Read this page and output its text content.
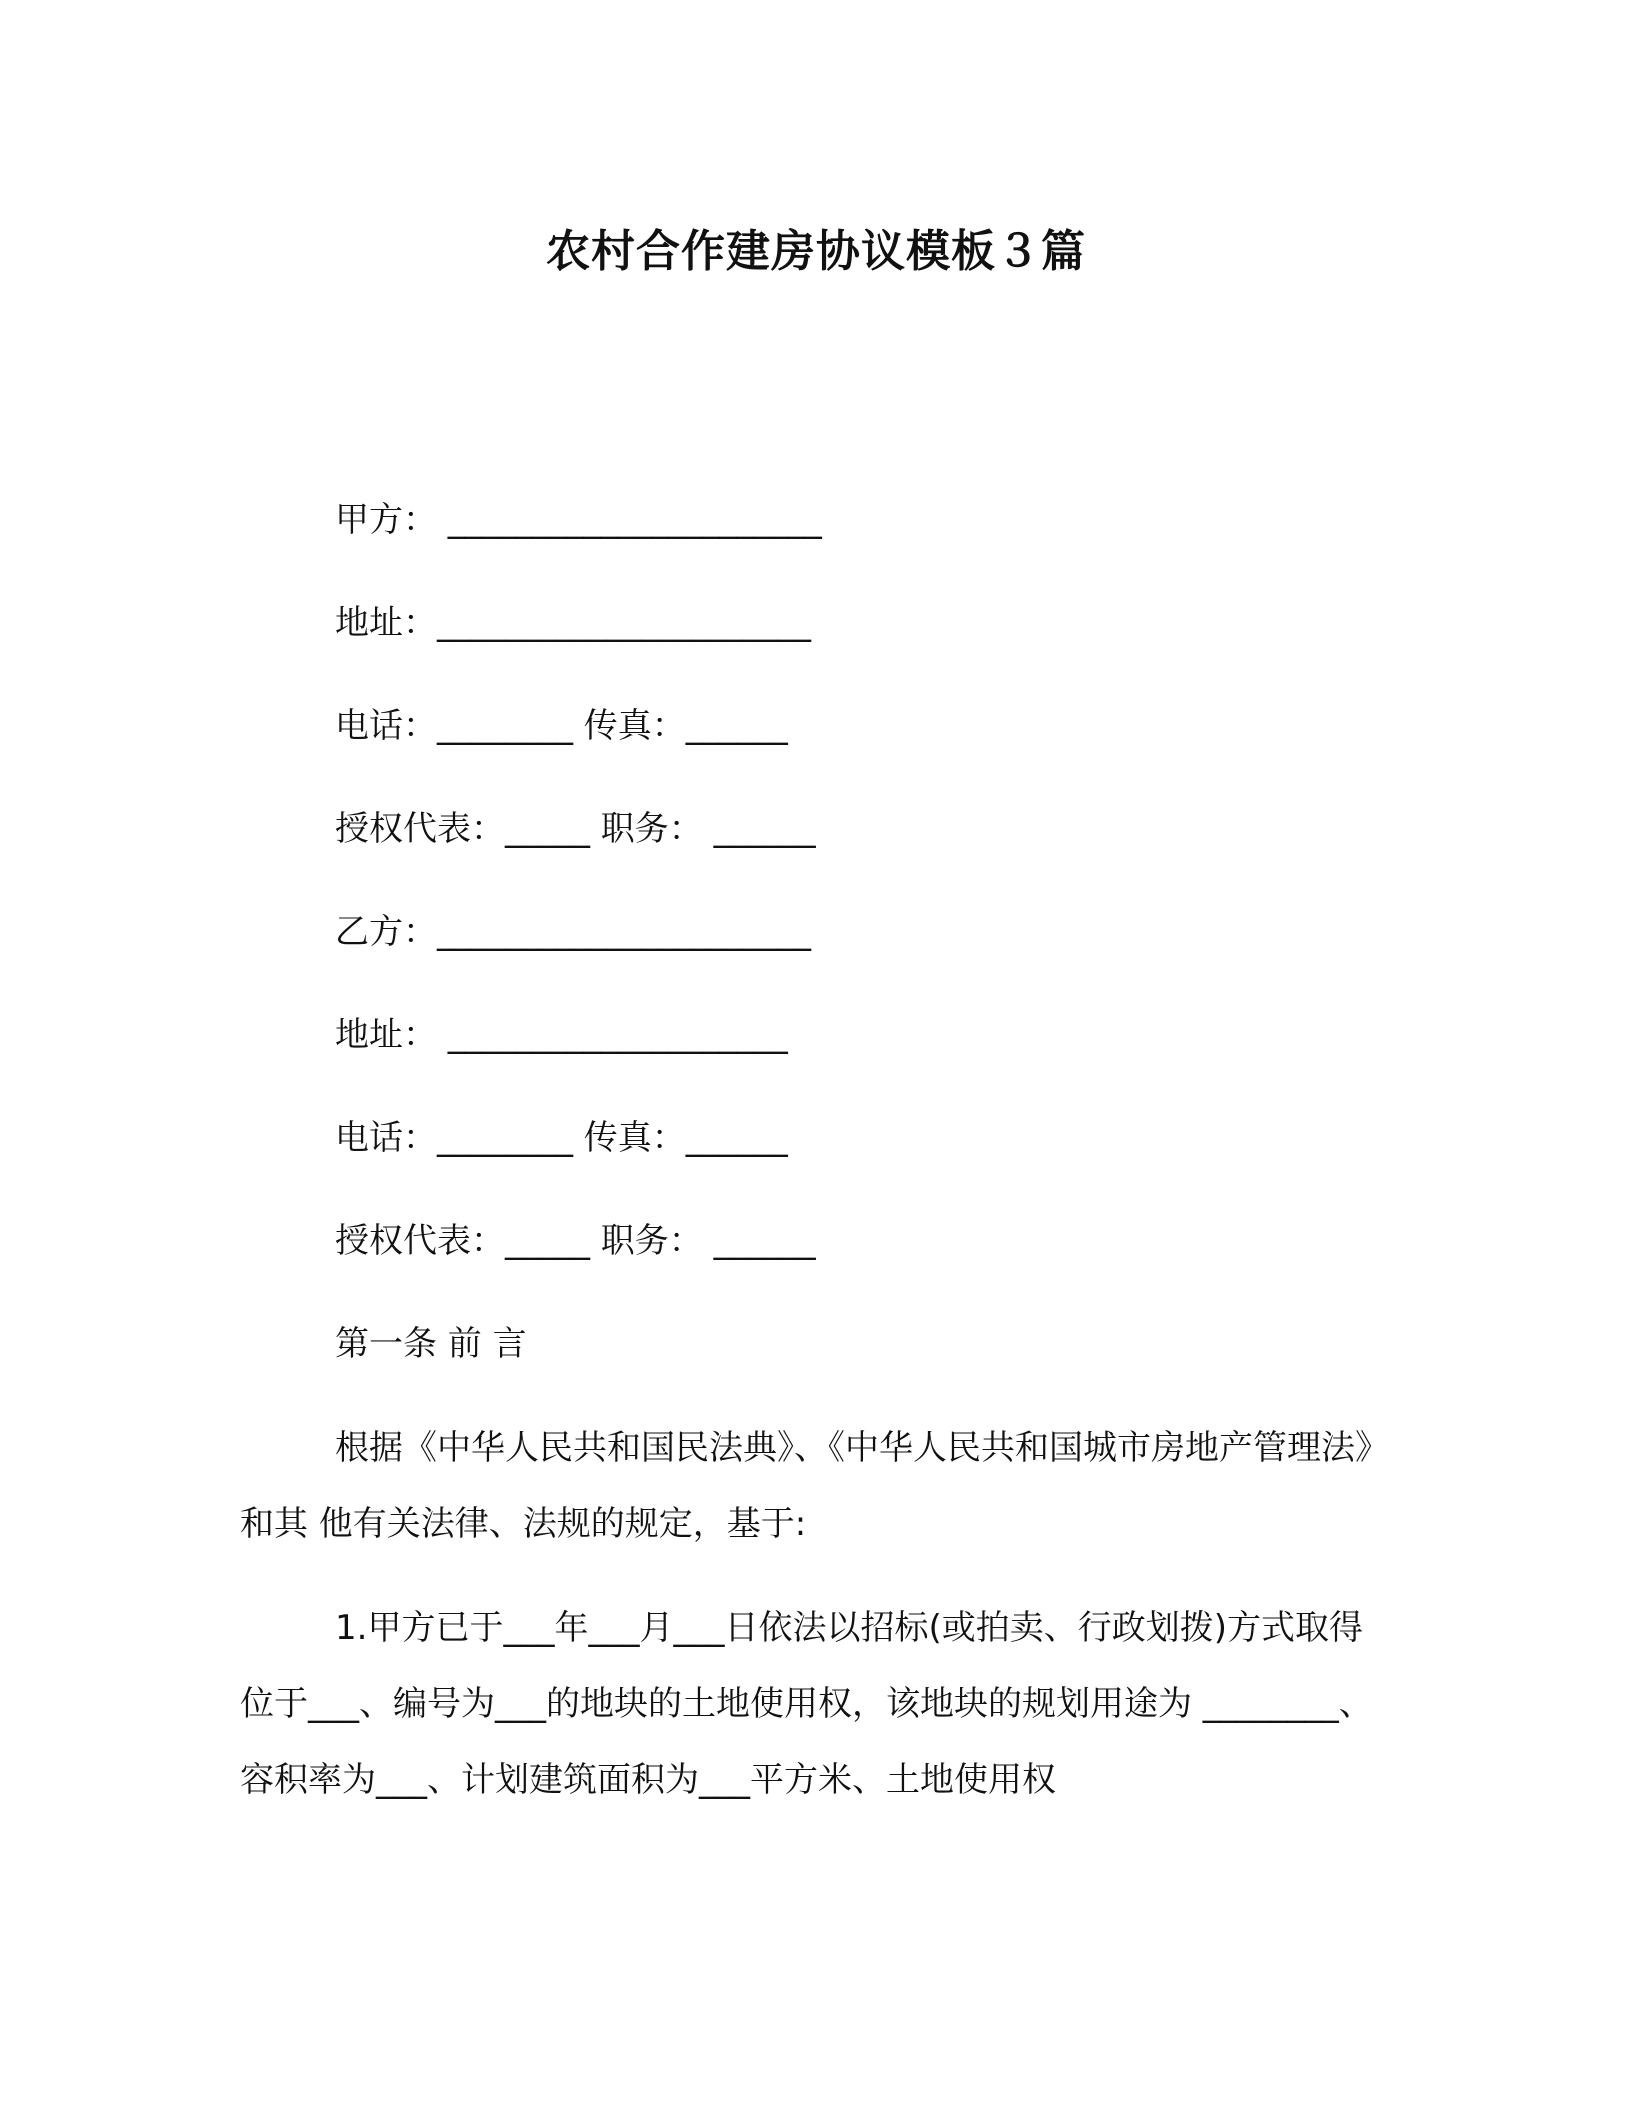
农村合作建房协议模板３篇
甲方： ______________________
地址：______________________
电话：________ 传真：______
授权代表：_____ 职务： ______
乙方：______________________
地址： ____________________
电话：________ 传真：______
授权代表：_____ 职务： ______
第一条 前 言
根据《中华人民共和国民法典》、《中华人民共和国城市房地产管理法》和其 他有关法律、法规的规定，基于:
1.甲方已于___年___月___日依法以招标(或拍卖、行政划拨)方式取得位于___、编号为___的地块的土地使用权，该地块的规划用途为 ________、容积率为___、计划建筑面积为___平方米、土地使用权
